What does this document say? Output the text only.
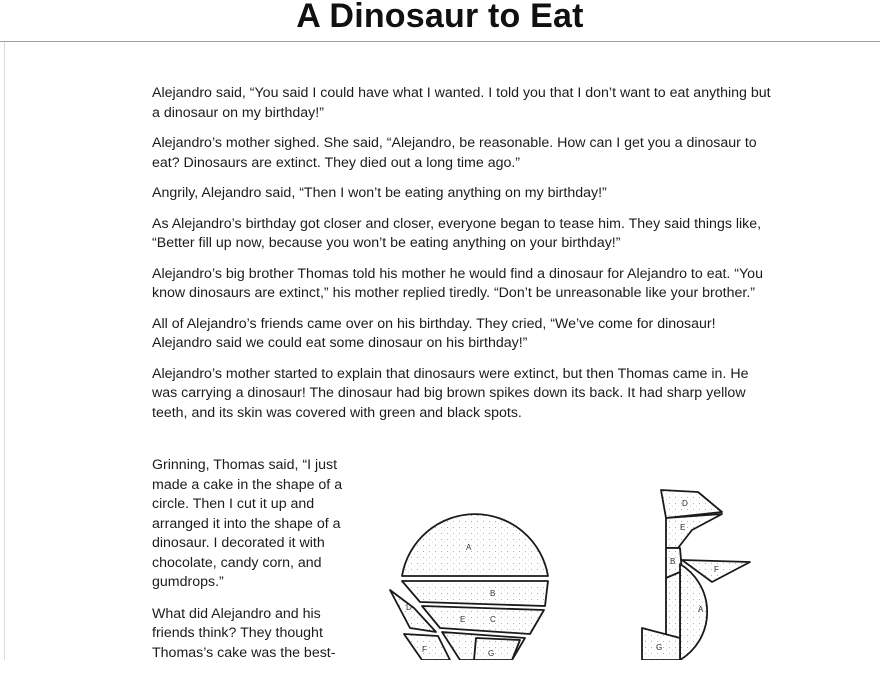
A Dinosaur to Eat

Alejandro said, “You said I could have what I wanted. I told you that I don’t want to eat anything but a dinosaur on my birthday!”

Alejandro’s mother sighed. She said, “Alejandro, be reasonable. How can I get you a dinosaur to eat? Dinosaurs are extinct. They died out a long time ago.”

Angrily, Alejandro said, “Then I won’t be eating anything on my birthday!”

As Alejandro’s birthday got closer and closer, everyone began to tease him. They said things like, “Better fill up now, because you won’t be eating anything on your birthday!”

Alejandro’s big brother Thomas told his mother he would find a dinosaur for Alejandro to eat. “You know dinosaurs are extinct,” his mother replied tiredly. “Don’t be unreasonable like your brother.”

All of Alejandro’s friends came over on his birthday. They cried, “We’ve come for dinosaur! Alejandro said we could eat some dinosaur on his birthday!”

Alejandro’s mother started to explain that dinosaurs were extinct, but then Thomas came in. He was carrying a dinosaur! The dinosaur had big brown spikes down its back. It had sharp yellow teeth, and its skin was covered with green and black spots.

Grinning, Thomas said, “I just made a cake in the shape of a circle. Then I cut it up and arranged it into the shape of a dinosaur. I decorated it with chocolate, candy corn, and gumdrops.”

What did Alejandro and his friends think? They thought Thomas’s cake was the best-

A
B
C
D
E
F	G
D
E
B
F
A
G
